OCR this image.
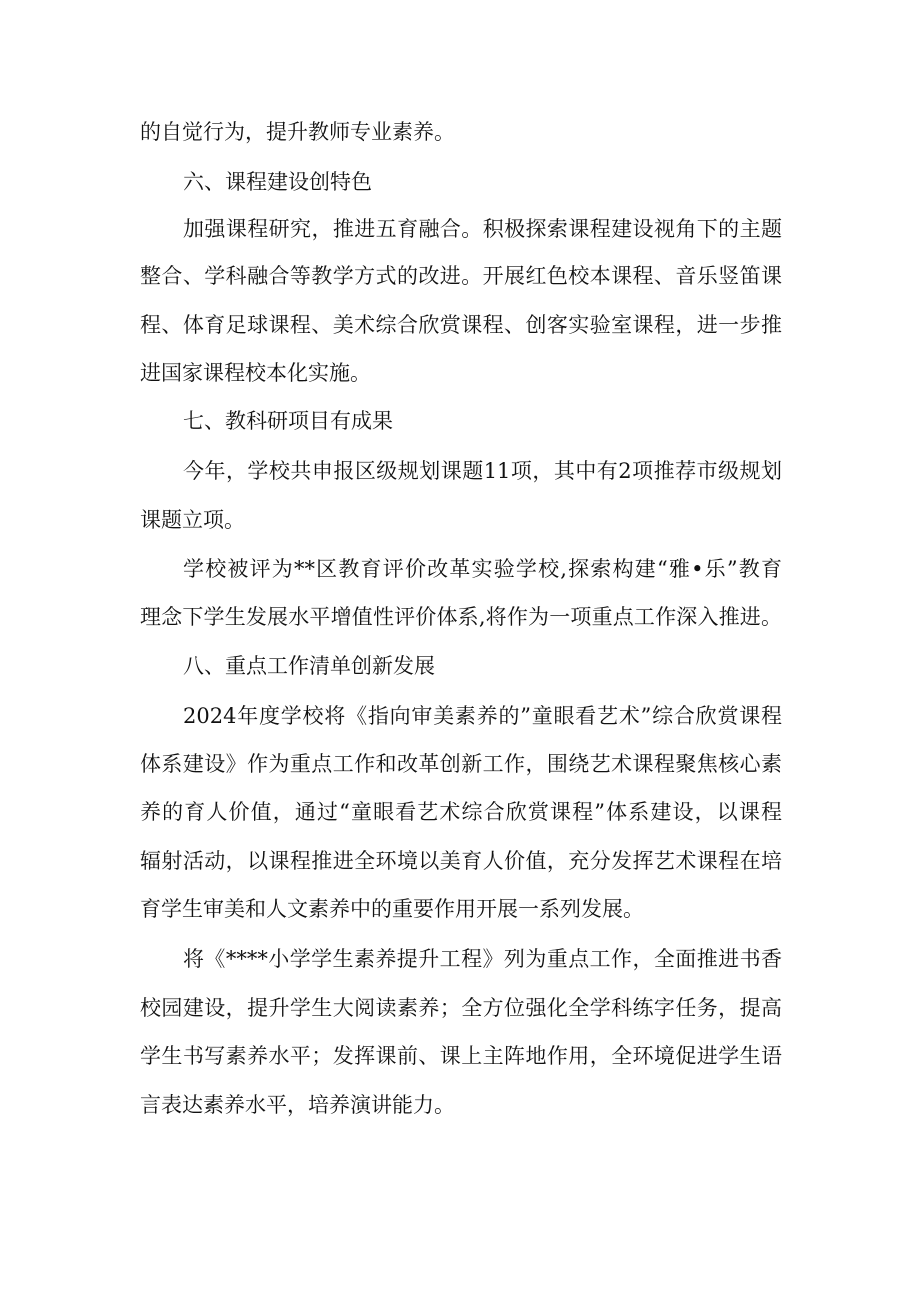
的自觉行为，提升教师专业素养。

六、课程建设创特色

加强课程研究，推进五育融合。积极探索课程建设视角下的主题

整合、学科融合等教学方式的改进。开展红色校本课程、音乐竖笛课

程、体育足球课程、美术综合欣赏课程、创客实验室课程，进一步推

进国家课程校本化实施。

七、教科研项目有成果

今年，学校共申报区级规划课题11项，其中有2项推荐市级规划

课题立项。

学校被评为**区教育评价改革实验学校,探索构建“雅•乐”教育

理念下学生发展水平增值性评价体系,将作为一项重点工作深入推进。

八、重点工作清单创新发展

2024年度学校将《指向审美素养的”童眼看艺术”综合欣赏课程

体系建设》作为重点工作和改革创新工作，围绕艺术课程聚焦核心素

养的育人价值，通过“童眼看艺术综合欣赏课程”体系建设，以课程

辐射活动，以课程推进全环境以美育人价值，充分发挥艺术课程在培

育学生审美和人文素养中的重要作用开展一系列发展。

将《****小学学生素养提升工程》列为重点工作，全面推进书香

校园建设，提升学生大阅读素养；全方位强化全学科练字任务，提高

学生书写素养水平；发挥课前、课上主阵地作用，全环境促进学生语

言表达素养水平，培养演讲能力。
